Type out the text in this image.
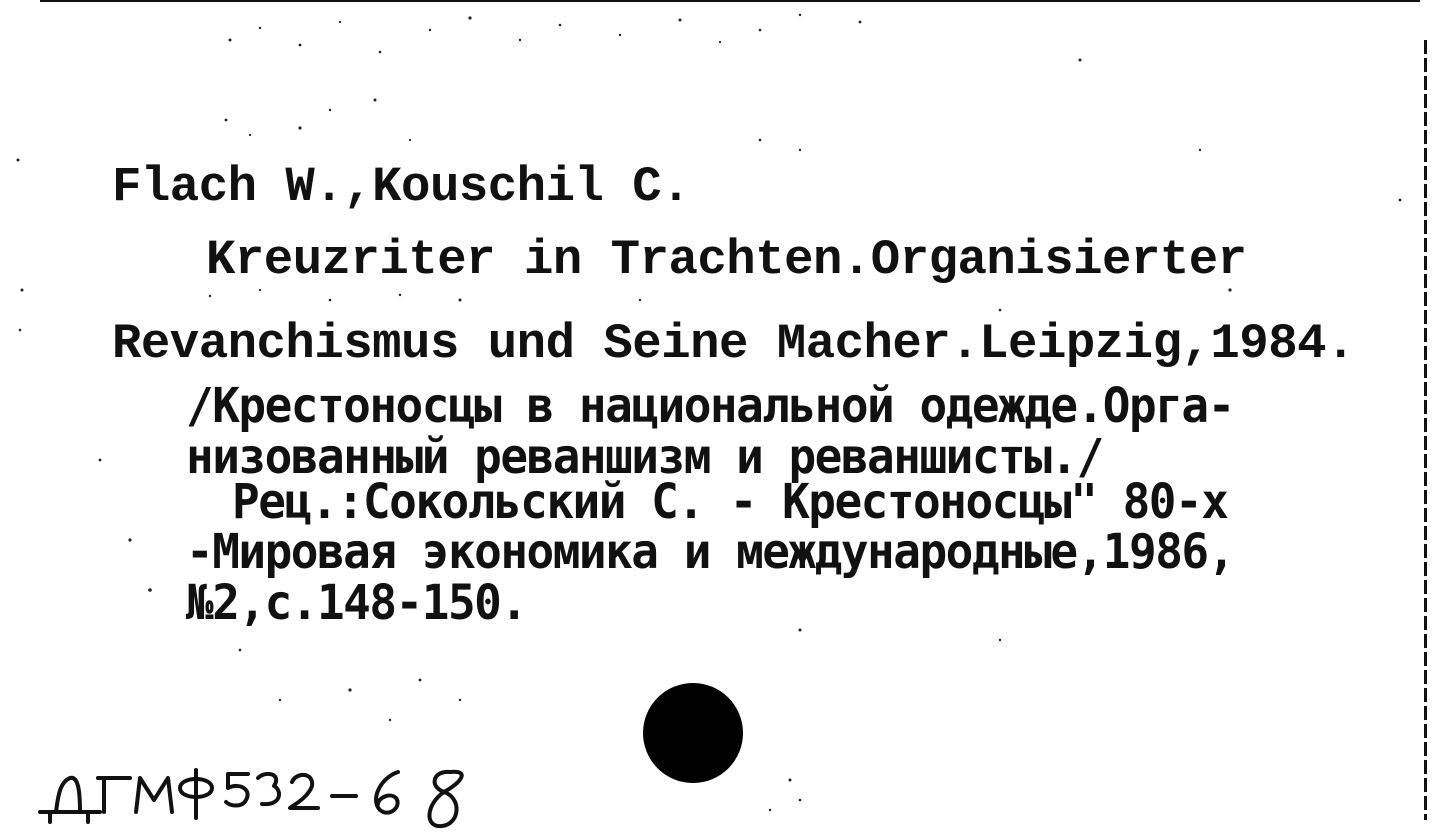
Flach W.,Kouschil C.
Kreuzriter in Trachten.Organisierter
Revanchismus und Seine Macher.Leipzig,1984.
/Крестоносцы в национальной одежде.Орга-
низованный реваншизм и реваншисты./
Рец.:Сокольский С. - Крестоносцы" 80-х
-Мировая экономика и международные,1986,
№2,с.148-150.
